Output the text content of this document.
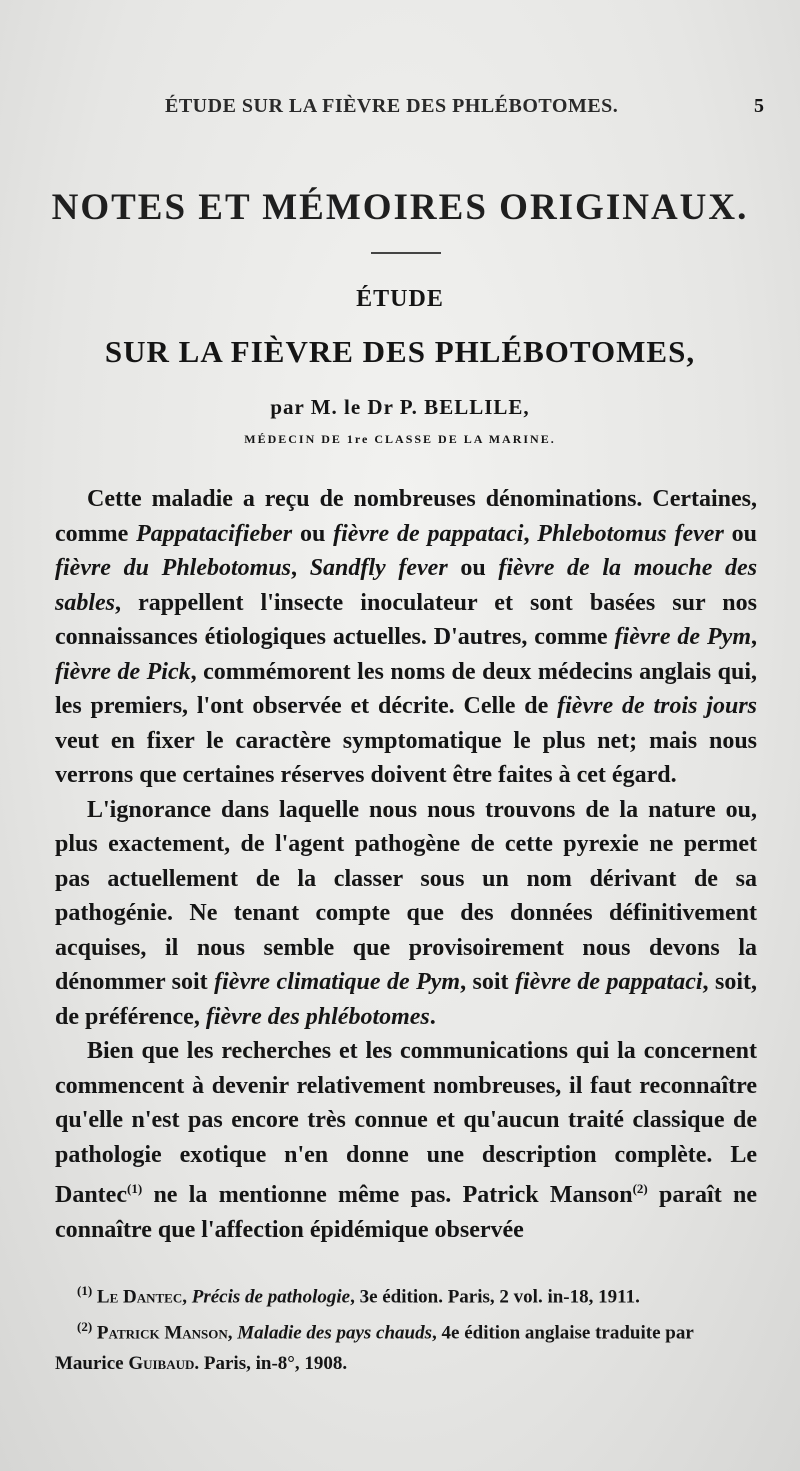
ÉTUDE SUR LA FIÈVRE DES PHLÉBOTOMES.	5
NOTES ET MÉMOIRES ORIGINAUX.
ÉTUDE
SUR LA FIÈVRE DES PHLÉBOTOMES,
par M. le Dr P. BELLILE,
MÉDECIN DE 1re CLASSE DE LA MARINE.

Cette maladie a reçu de nombreuses dénominations. Certaines, comme Pappatacifieber ou fièvre de pappataci, Phlebotomus fever ou fièvre du Phlebotomus, Sandfly fever ou fièvre de la mouche des sables, rappellent l'insecte inoculateur et sont basées sur nos connaissances étiologiques actuelles. D'autres, comme fièvre de Pym, fièvre de Pick, commémorent les noms de deux médecins anglais qui, les premiers, l'ont observée et décrite. Celle de fièvre de trois jours veut en fixer le caractère symptomatique le plus net; mais nous verrons que certaines réserves doivent être faites à cet égard.

L'ignorance dans laquelle nous nous trouvons de la nature ou, plus exactement, de l'agent pathogène de cette pyrexie ne permet pas actuellement de la classer sous un nom dérivant de sa pathogénie. Ne tenant compte que des données définitivement acquises, il nous semble que provisoirement nous devons la dénommer soit fièvre climatique de Pym, soit fièvre de pappataci, soit, de préférence, fièvre des phlébotomes.

Bien que les recherches et les communications qui la concernent commencent à devenir relativement nombreuses, il faut reconnaître qu'elle n'est pas encore très connue et qu'aucun traité classique de pathologie exotique n'en donne une description complète. Le Dantec$^{(1)}$ ne la mentionne même pas. Patrick Manson$^{(2)}$ paraît ne connaître que l'affection épidémique observée

$^{(1)}$ Le Dantec, Précis de pathologie, 3e édition. Paris, 2 vol. in-18, 1911.

$^{(2)}$ Patrick Manson, Maladie des pays chauds, 4e édition anglaise traduite par Maurice Guibaud. Paris, in-8°, 1908.
